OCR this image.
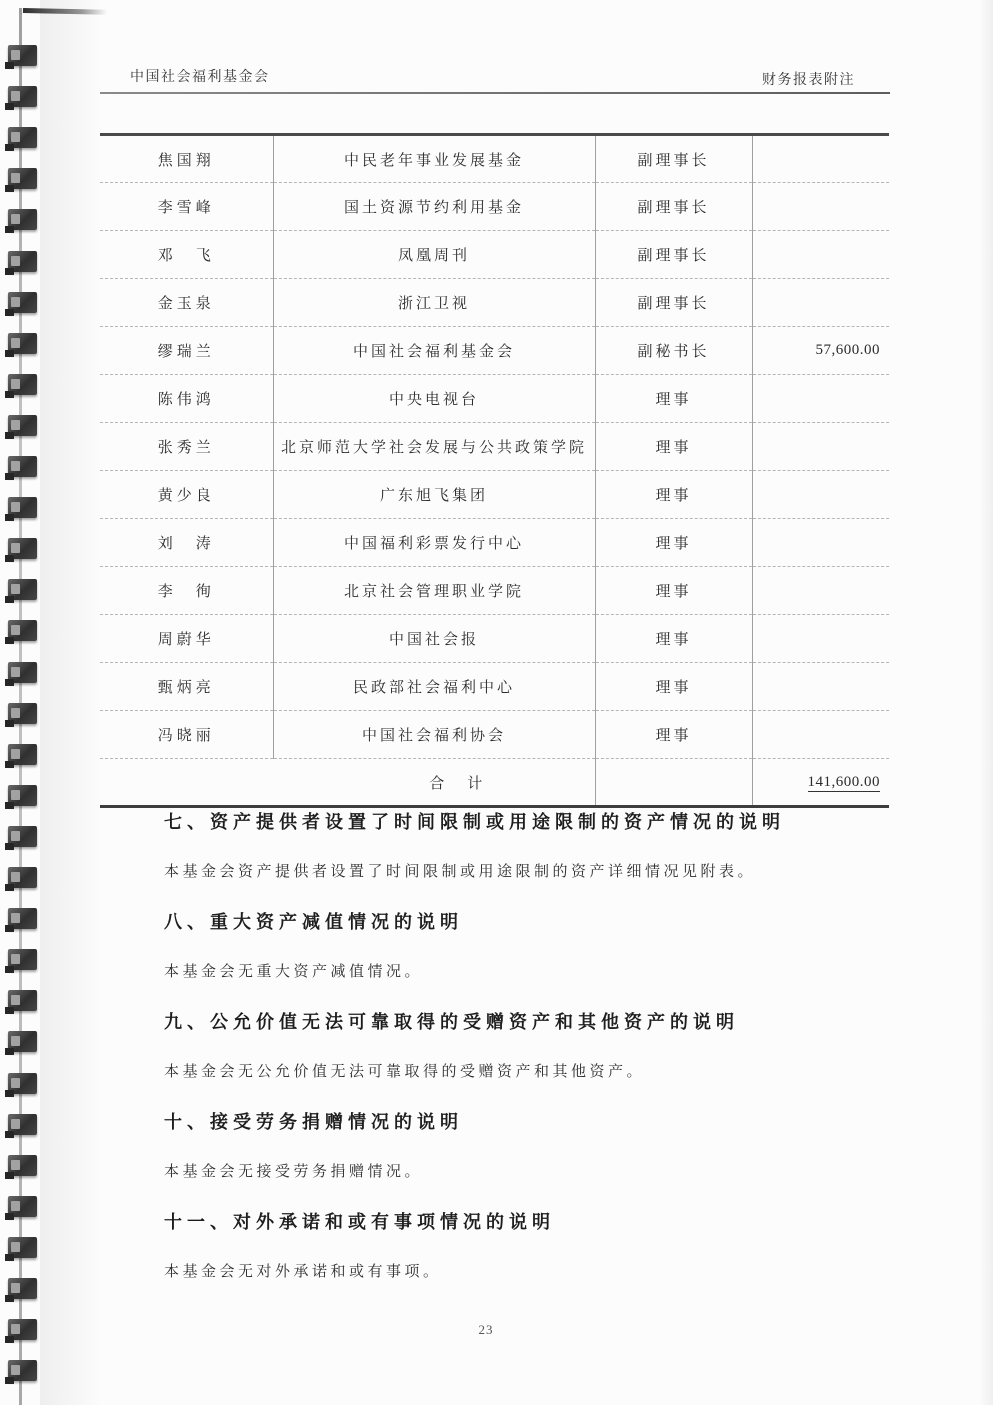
中国社会福利基金会	财务报表附注
焦国翔	中民老年事业发展基金	副理事长	
李雪峰	国土资源节约利用基金	副理事长	
邓　飞	凤凰周刊	副理事长	
金玉泉	浙江卫视	副理事长	
缪瑞兰	中国社会福利基金会	副秘书长	57,600.00
陈伟鸿	中央电视台	理事	
张秀兰	北京师范大学社会发展与公共政策学院	理事	
黄少良	广东旭飞集团	理事	
刘　涛	中国福利彩票发行中心	理事	
李　徇	北京社会管理职业学院	理事	
周蔚华	中国社会报	理事	
甄炳亮	民政部社会福利中心	理事	
冯晓丽	中国社会福利协会	理事	
合　计			141,600.00

七、资产提供者设置了时间限制或用途限制的资产情况的说明

本基金会资产提供者设置了时间限制或用途限制的资产详细情况见附表。

八、重大资产减值情况的说明

本基金会无重大资产减值情况。

九、公允价值无法可靠取得的受赠资产和其他资产的说明

本基金会无公允价值无法可靠取得的受赠资产和其他资产。

十、接受劳务捐赠情况的说明

本基金会无接受劳务捐赠情况。

十一、对外承诺和或有事项情况的说明

本基金会无对外承诺和或有事项。

23
